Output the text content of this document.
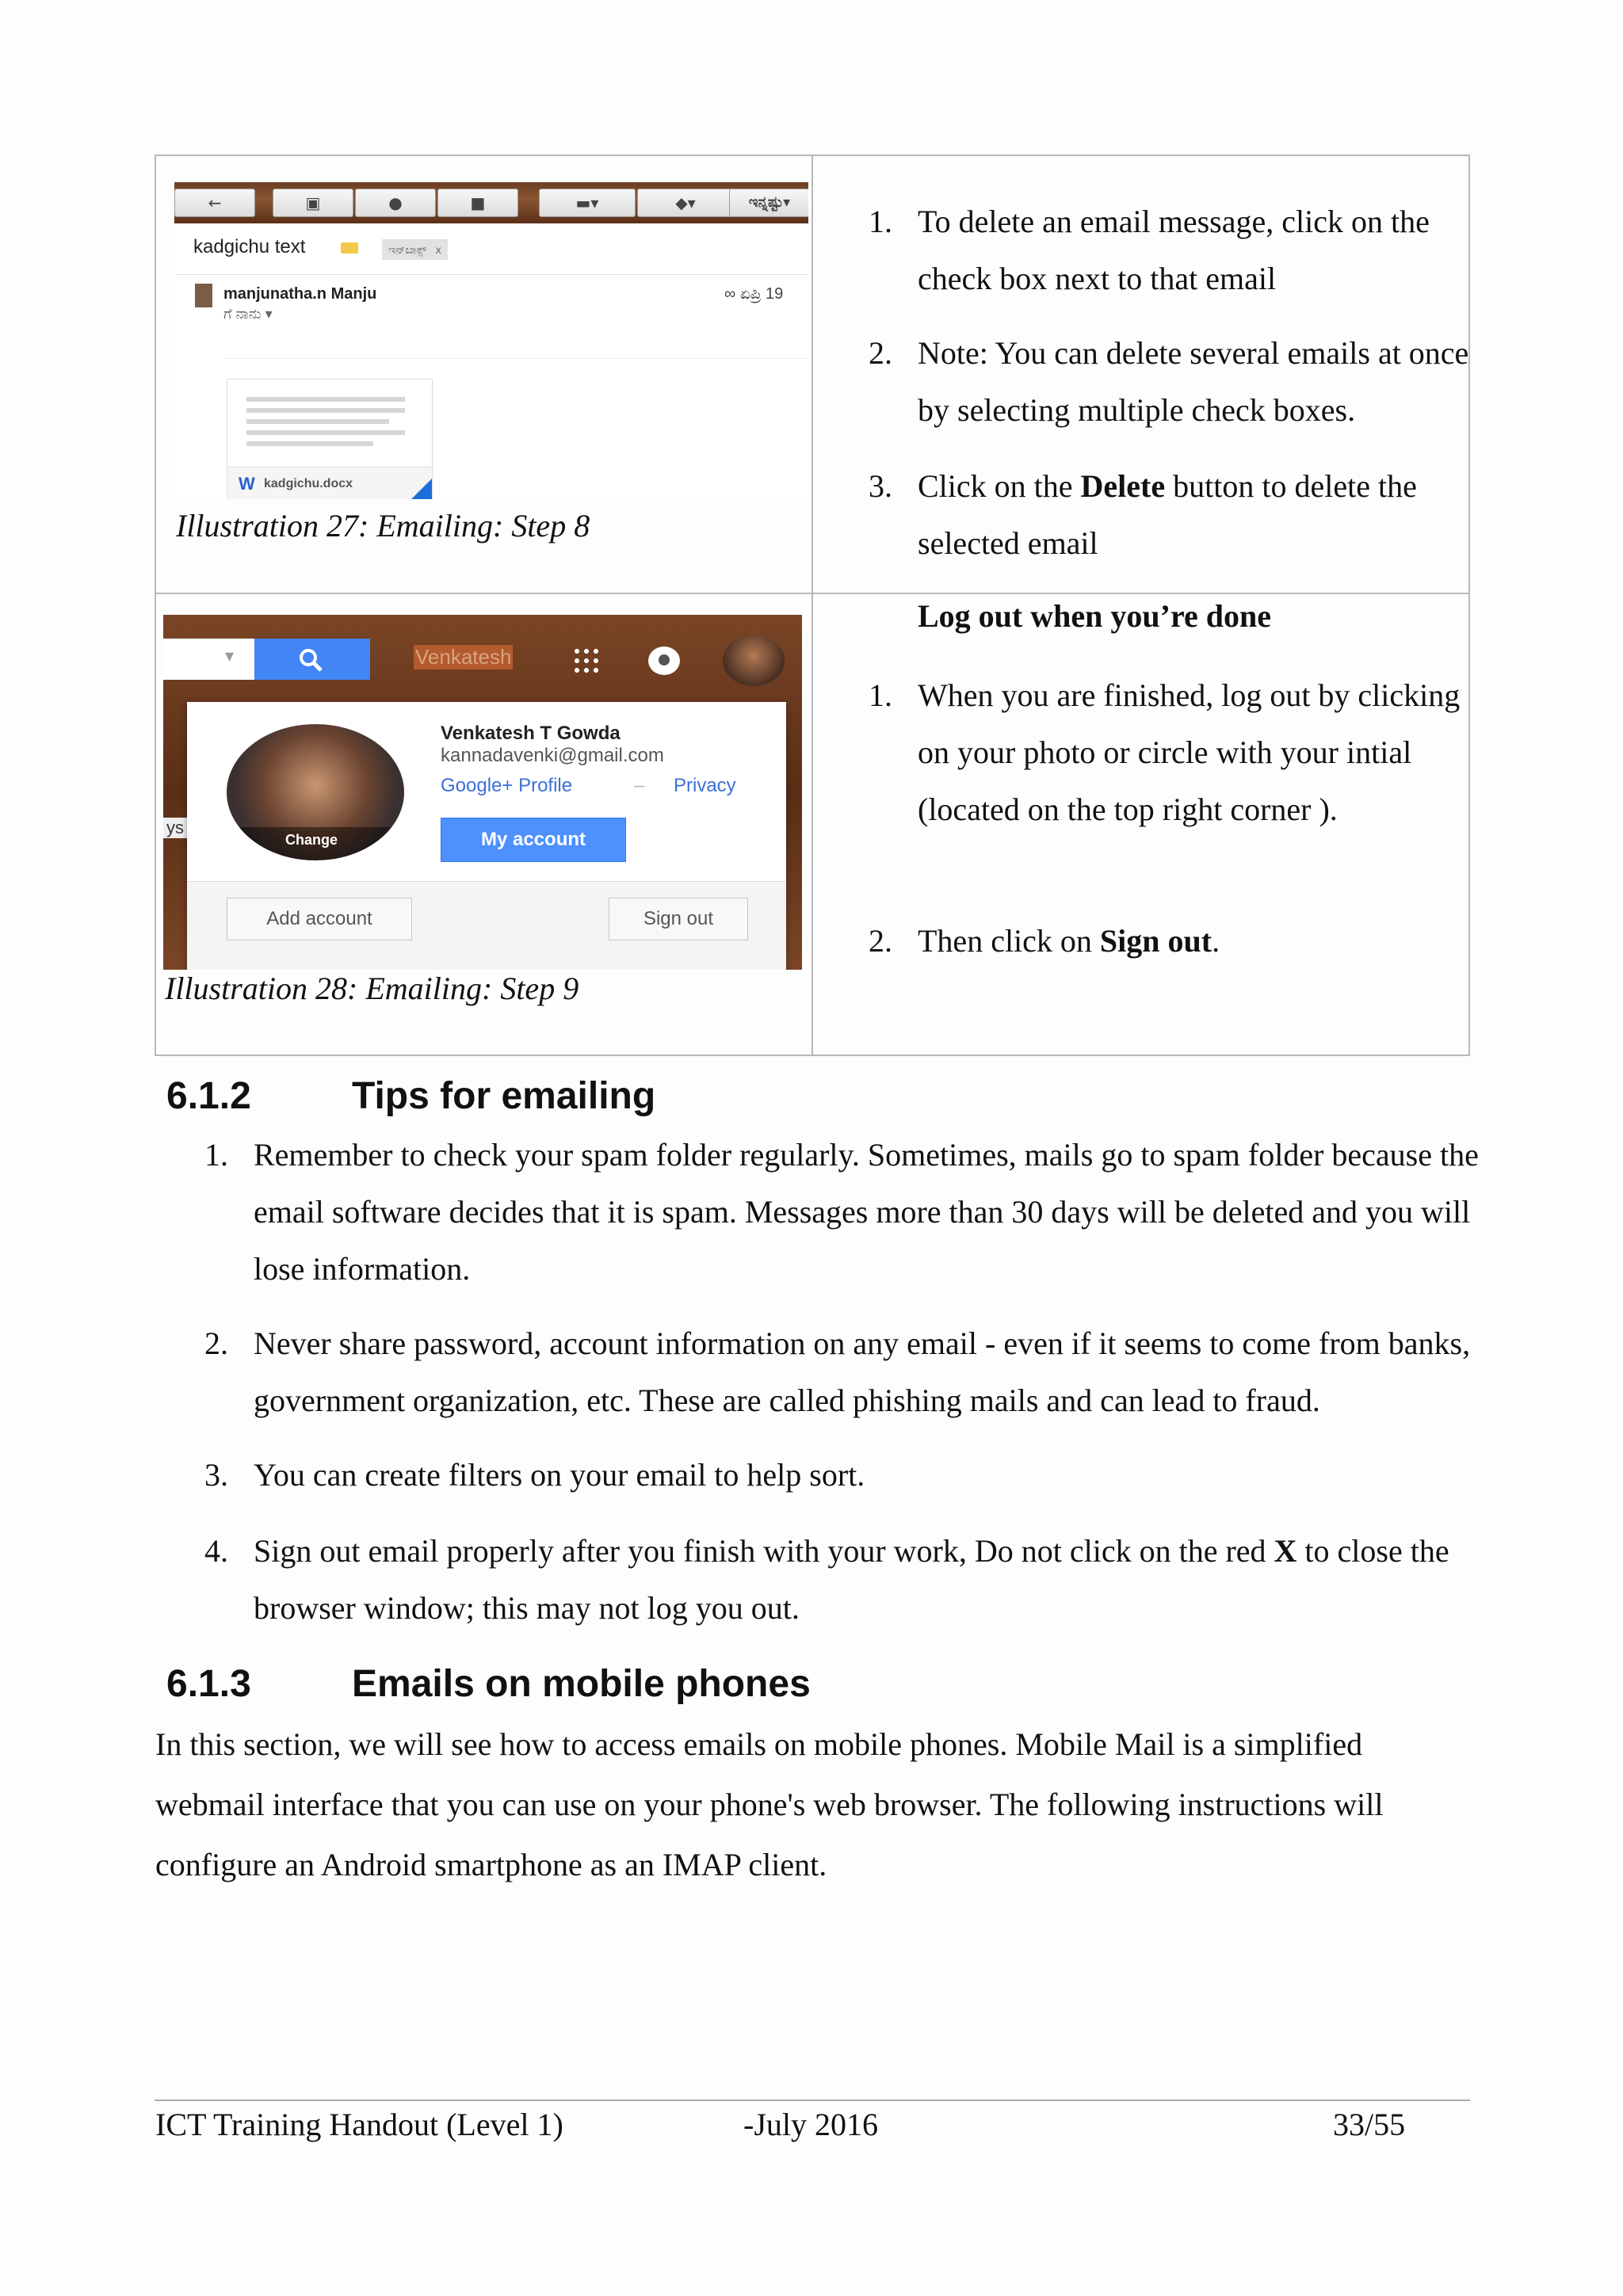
←	▣	●	■	▬▾	◆▾	ಇನ್ನಷ್ಟು▾
kadgichu text	ಇನ್‌ಬಾಕ್ಸ್ x
manjunatha.n Manju
ಗೆ ನಾನು ▾
∞ ಏಪ್ರಿ 19
W kadgichu.docx
Illustration 27: Emailing: Step 8
1. To delete an email message, click on the check box next to that email
2. Note: You can delete several emails at once by selecting multiple check boxes.
3. Click on the Delete button to delete the selected email
▾	Venkatesh
ys
Change
Venkatesh T Gowda
kannadavenki@gmail.com
Google+ Profile	– Privacy
My account
Add account	Sign out
Illustration 28: Emailing: Step 9
Log out when you’re done
1. When you are finished, log out by clicking on your photo or circle with your intial (located on the top right corner ).
2. Then click on Sign out.
6.1.2	Tips for emailing
1. Remember to check your spam folder regularly. Sometimes, mails go to spam folder because the email software decides that it is spam. Messages more than 30 days will be deleted and you will lose information.
2. Never share password, account information on any email - even if it seems to come from banks, government organization, etc. These are called phishing mails and can lead to fraud.
3. You can create filters on your email to help sort.
4. Sign out email properly after you finish with your work, Do not click on the red X to close the browser window; this may not log you out.
6.1.3	Emails on mobile phones
In this section, we will see how to access emails on mobile phones. Mobile Mail is a simplified webmail interface that you can use on your phone's web browser. The following instructions will configure an Android smartphone as an IMAP client.
ICT Training Handout (Level 1)	-July 2016	33/55
